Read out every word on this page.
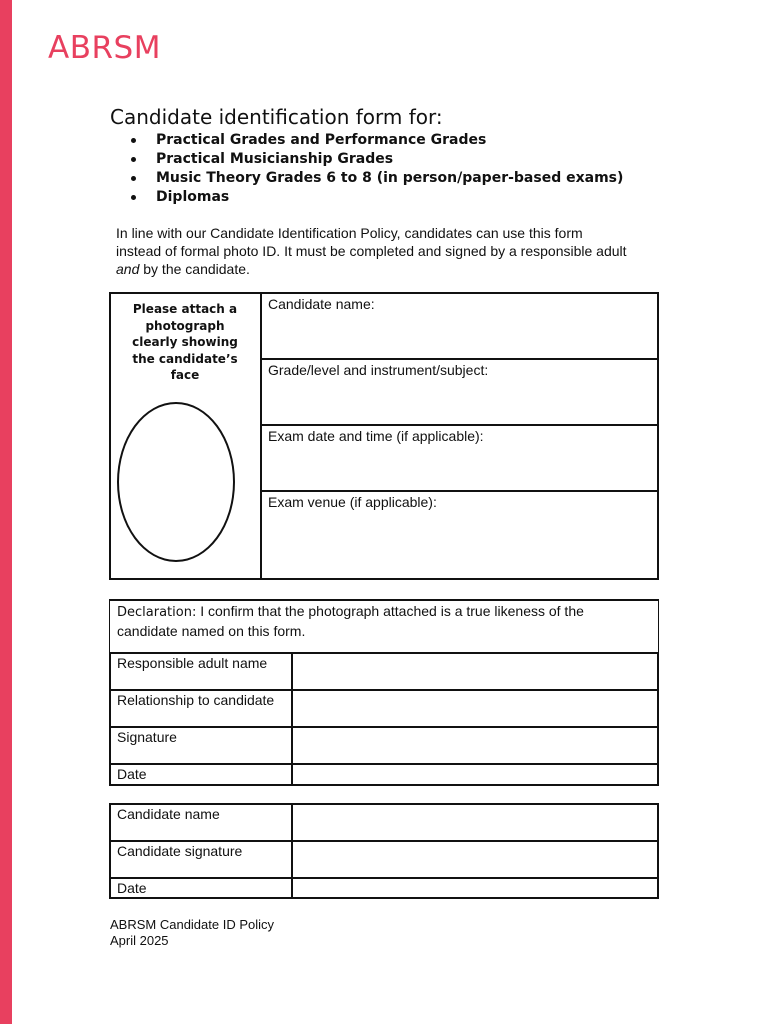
ABRSM
Candidate identification form for:
Practical Grades and Performance Grades
Practical Musicianship Grades
Music Theory Grades 6 to 8 (in person/paper-based exams)
Diplomas

In line with our Candidate Identification Policy, candidates can use this form

instead of formal photo ID. It must be completed and signed by a responsible adult

and by the candidate.

Please attach a
photograph
clearly showing
the candidate’s
face
Candidate name:
Grade/level and instrument/subject:
Exam date and time (if applicable):
Exam venue (if applicable):
Declaration: I confirm that the photograph attached is a true likeness of the
candidate named on this form.
Responsible adult name
Relationship to candidate
Signature
Date
Candidate name
Candidate signature
Date
ABRSM Candidate ID Policy
April 2025
